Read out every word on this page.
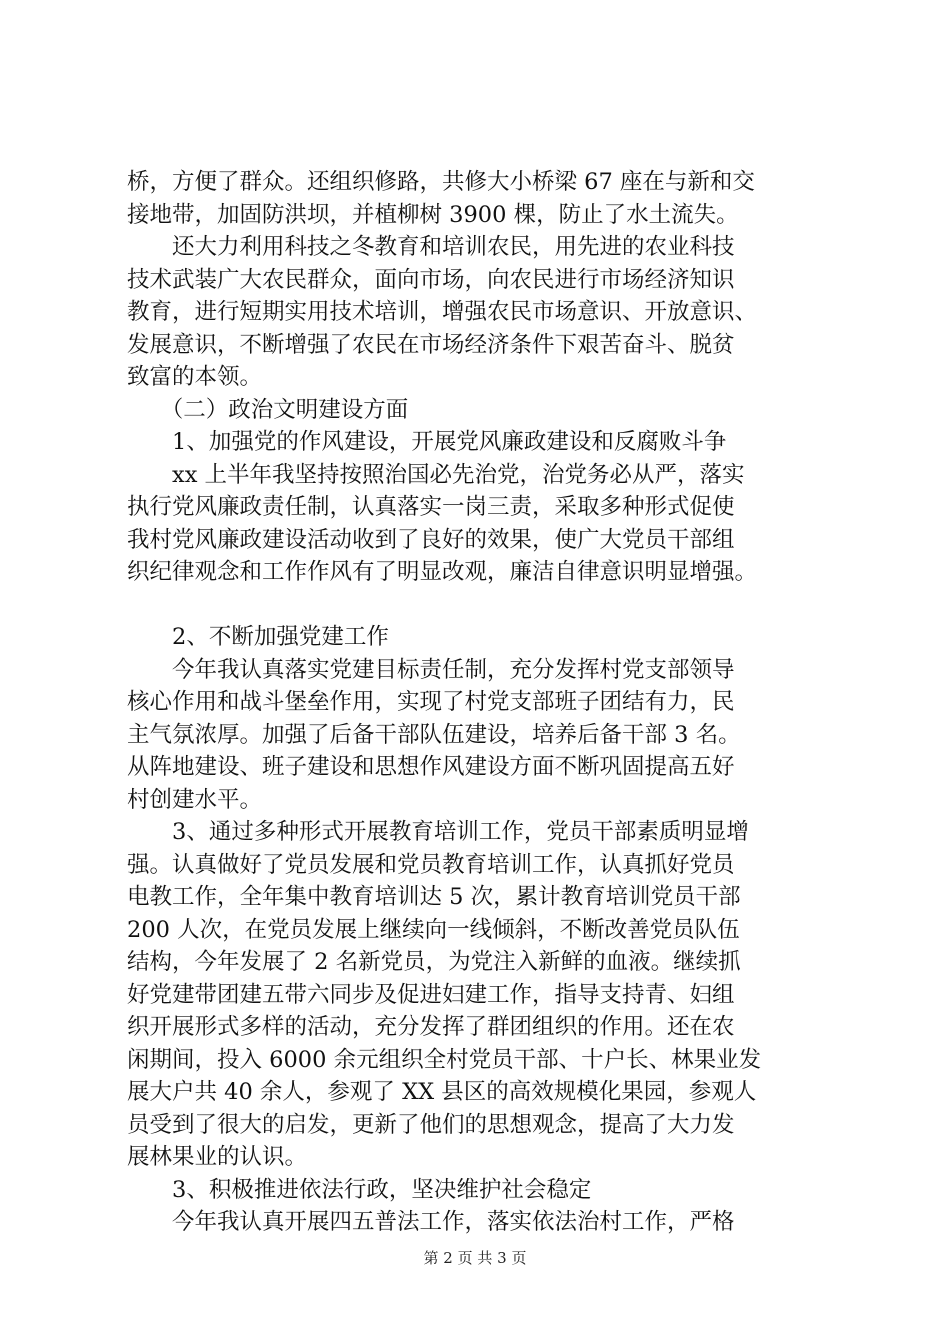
桥，方便了群众。还组织修路，共修大小桥梁 67 座在与新和交
接地带，加固防洪坝，并植柳树 3900 棵，防止了水土流失。
　　还大力利用科技之冬教育和培训农民，用先进的农业科技
技术武装广大农民群众，面向市场，向农民进行市场经济知识
教育，进行短期实用技术培训，增强农民市场意识、开放意识、
发展意识，不断增强了农民在市场经济条件下艰苦奋斗、脱贫
致富的本领。
　　（二）政治文明建设方面
　　1、加强党的作风建设，开展党风廉政建设和反腐败斗争
　　xx 上半年我坚持按照治国必先治党，治党务必从严，落实
执行党风廉政责任制，认真落实一岗三责，采取多种形式促使
我村党风廉政建设活动收到了良好的效果，使广大党员干部组
织纪律观念和工作作风有了明显改观，廉洁自律意识明显增强。
　　2、不断加强党建工作
　　今年我认真落实党建目标责任制，充分发挥村党支部领导
核心作用和战斗堡垒作用，实现了村党支部班子团结有力，民
主气氛浓厚。加强了后备干部队伍建设，培养后备干部 3 名。
从阵地建设、班子建设和思想作风建设方面不断巩固提高五好
村创建水平。
　　3、通过多种形式开展教育培训工作，党员干部素质明显增
强。认真做好了党员发展和党员教育培训工作，认真抓好党员
电教工作，全年集中教育培训达 5 次，累计教育培训党员干部
200 人次，在党员发展上继续向一线倾斜，不断改善党员队伍
结构，今年发展了 2 名新党员，为党注入新鲜的血液。继续抓
好党建带团建五带六同步及促进妇建工作，指导支持青、妇组
织开展形式多样的活动，充分发挥了群团组织的作用。还在农
闲期间，投入 6000 余元组织全村党员干部、十户长、林果业发
展大户共 40 余人，参观了 XX 县区的高效规模化果园，参观人
员受到了很大的启发，更新了他们的思想观念，提高了大力发
展林果业的认识。
　　3、积极推进依法行政，坚决维护社会稳定
　　今年我认真开展四五普法工作，落实依法治村工作，严格
第 2 页 共 3 页
